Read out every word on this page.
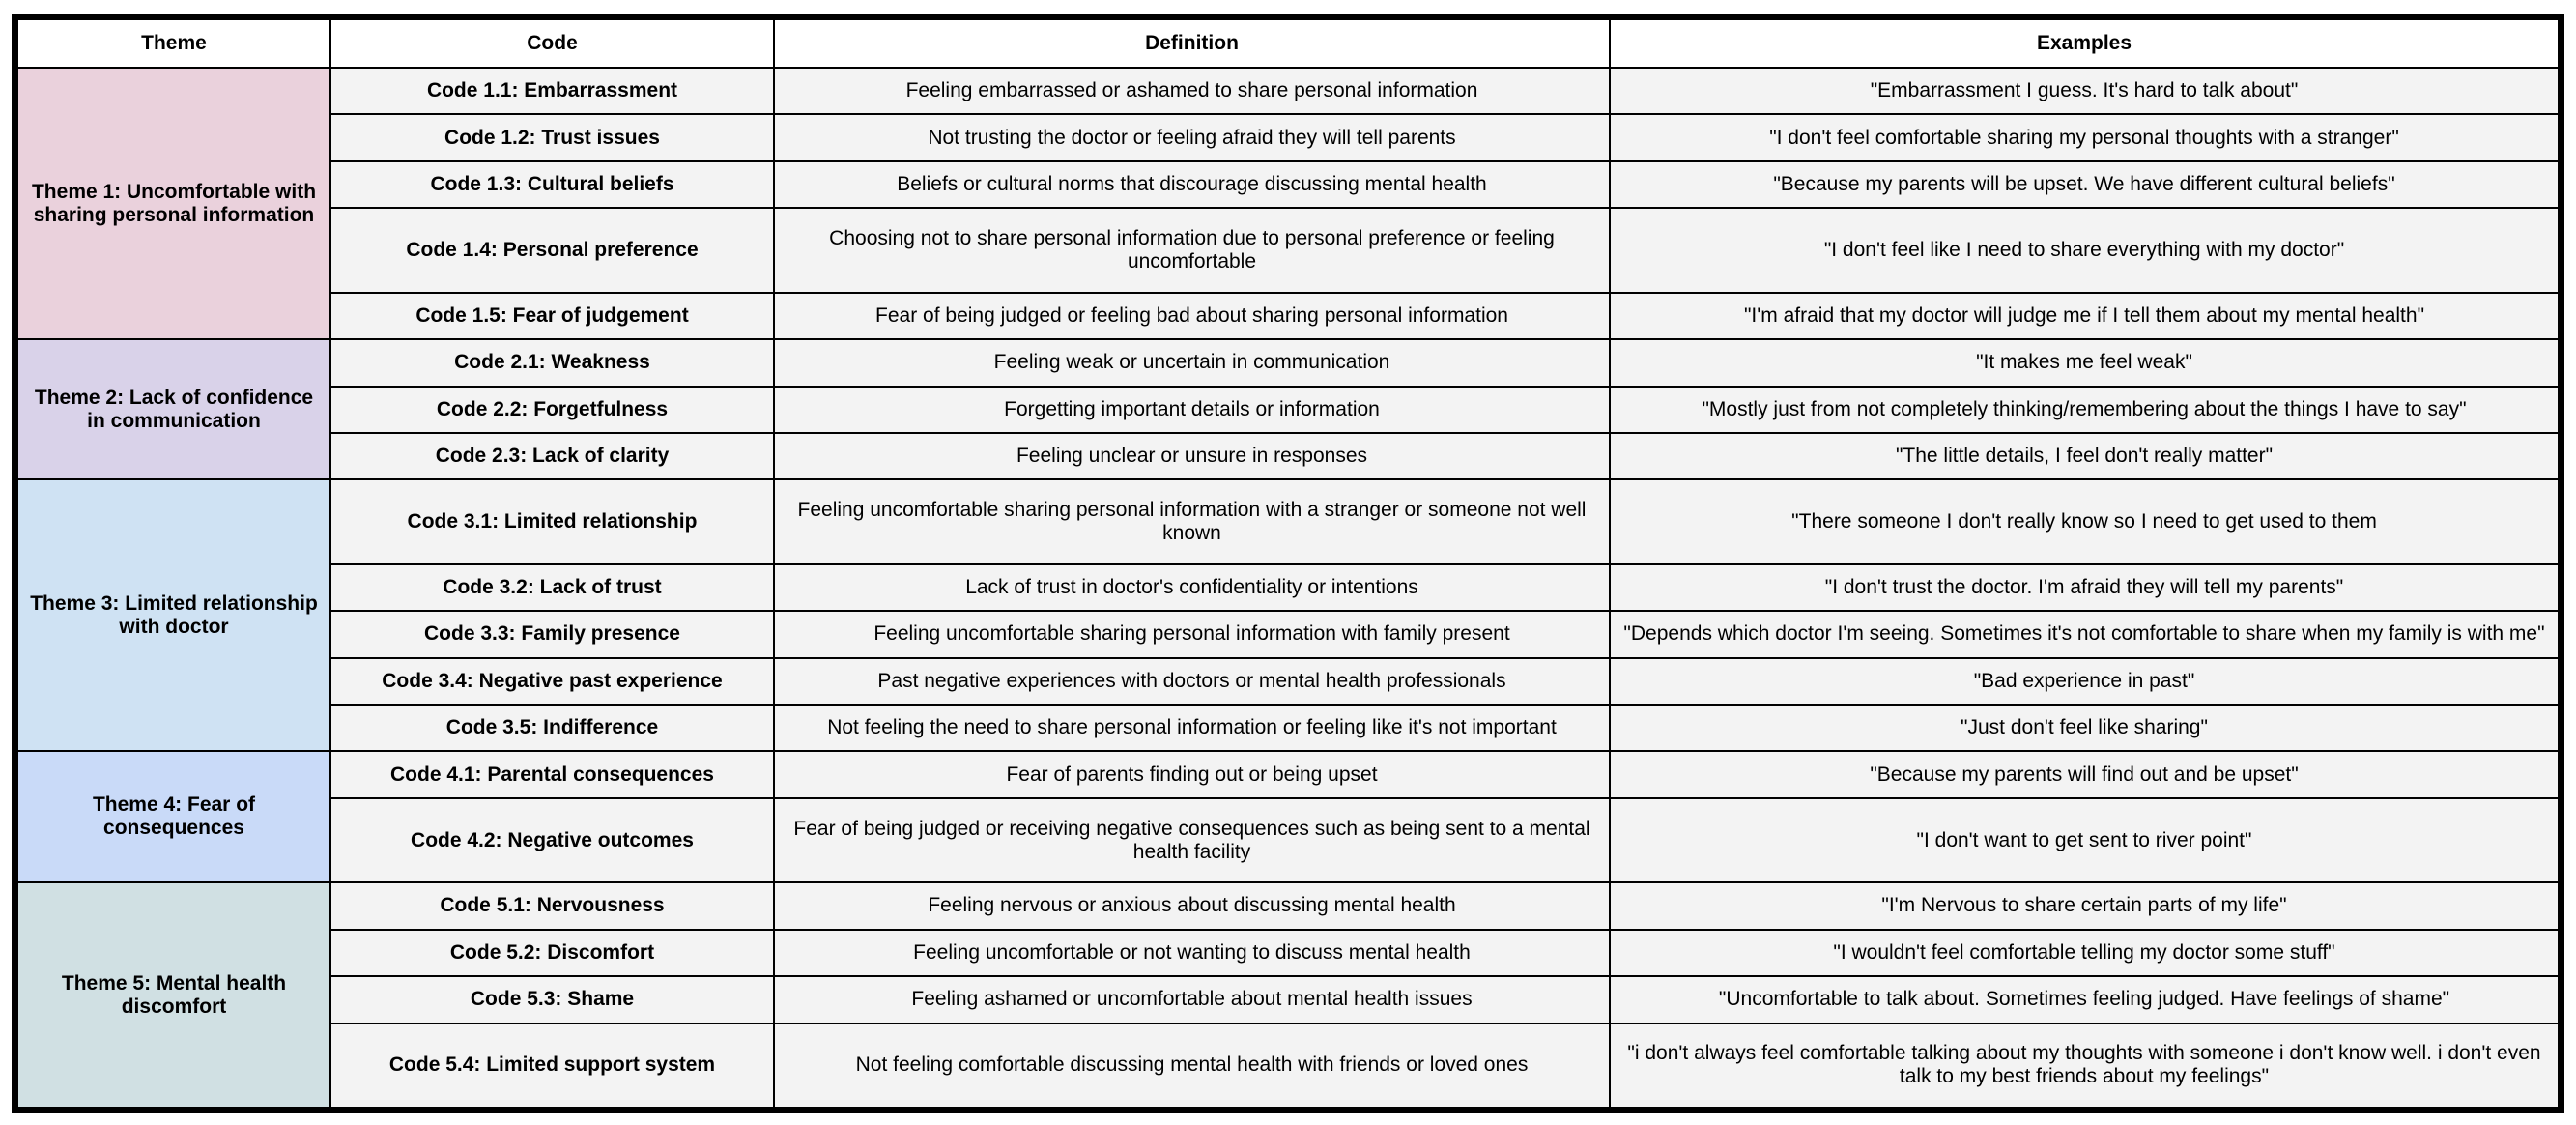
Theme	Code	Definition	Examples
Theme 1: Uncomfortable with sharing personal information	Code 1.1: Embarrassment	Feeling embarrassed or ashamed to share personal information	"Embarrassment I guess. It's hard to talk about"
	Code 1.2: Trust issues	Not trusting the doctor or feeling afraid they will tell parents	"I don't feel comfortable sharing my personal thoughts with a stranger"
	Code 1.3: Cultural beliefs	Beliefs or cultural norms that discourage discussing mental health	"Because my parents will be upset. We have different cultural beliefs"
	Code 1.4: Personal preference	Choosing not to share personal information due to personal preference or feeling uncomfortable	"I don't feel like I need to share everything with my doctor"
	Code 1.5: Fear of judgement	Fear of being judged or feeling bad about sharing personal information	"I'm afraid that my doctor will judge me if I tell them about my mental health"
Theme 2: Lack of confidence in communication	Code 2.1: Weakness	Feeling weak or uncertain in communication	"It makes me feel weak"
	Code 2.2: Forgetfulness	Forgetting important details or information	"Mostly just from not completely thinking/remembering about the things I have to say"
	Code 2.3: Lack of clarity	Feeling unclear or unsure in responses	"The little details, I feel don't really matter"
Theme 3: Limited relationship with doctor	Code 3.1: Limited relationship	Feeling uncomfortable sharing personal information with a stranger or someone not well known	"There someone I don't really know so I need to get used to them
	Code 3.2: Lack of trust	Lack of trust in doctor's confidentiality or intentions	"I don't trust the doctor. I'm afraid they will tell my parents"
	Code 3.3: Family presence	Feeling uncomfortable sharing personal information with family present	"Depends which doctor I'm seeing. Sometimes it's not comfortable to share when my family is with me"
	Code 3.4: Negative past experience	Past negative experiences with doctors or mental health professionals	"Bad experience in past"
	Code 3.5: Indifference	Not feeling the need to share personal information or feeling like it's not important	"Just don't feel like sharing"
Theme 4: Fear of consequences	Code 4.1: Parental consequences	Fear of parents finding out or being upset	"Because my parents will find out and be upset"
	Code 4.2: Negative outcomes	Fear of being judged or receiving negative consequences such as being sent to a mental health facility	"I don't want to get sent to river point"
Theme 5: Mental health discomfort	Code 5.1: Nervousness	Feeling nervous or anxious about discussing mental health	"I'm Nervous to share certain parts of my life"
	Code 5.2: Discomfort	Feeling uncomfortable or not wanting to discuss mental health	"I wouldn't feel comfortable telling my doctor some stuff"
	Code 5.3: Shame	Feeling ashamed or uncomfortable about mental health issues	"Uncomfortable to talk about. Sometimes feeling judged. Have feelings of shame"
	Code 5.4: Limited support system	Not feeling comfortable discussing mental health with friends or loved ones	"i don't always feel comfortable talking about my thoughts with someone i don't know well. i don't even talk to my best friends about my feelings"
